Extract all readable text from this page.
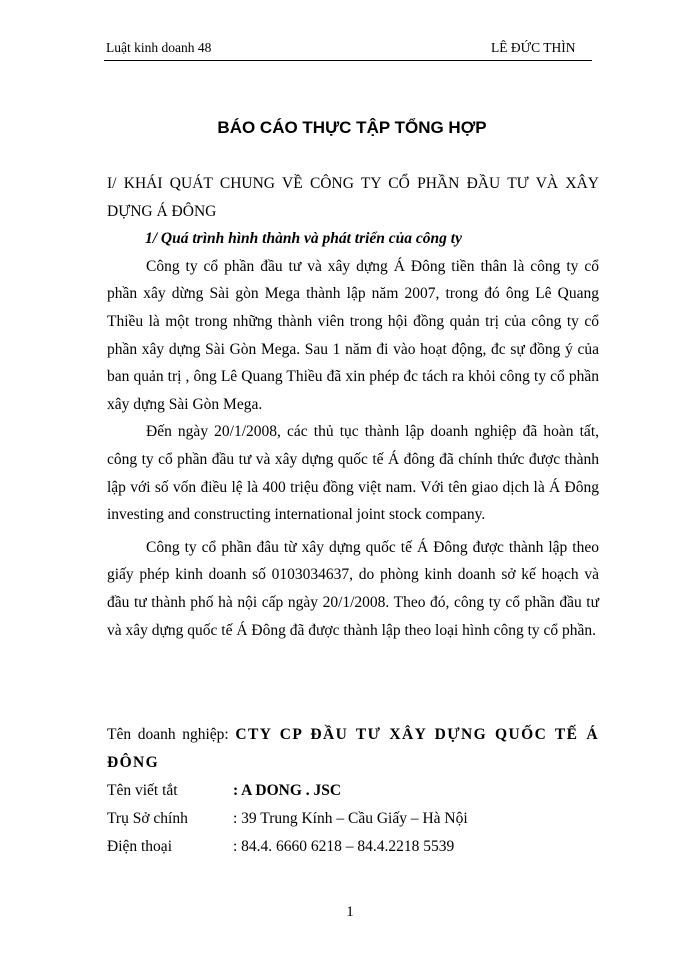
Luật kinh doanh 48	LÊ ĐỨC THÌN
BÁO CÁO THỰC TẬP TỔNG HỢP

I/ KHÁI QUÁT CHUNG VỀ CÔNG TY CỔ PHẦN ĐẦU TƯ VÀ XÂY DỰNG Á ĐÔNG

1/ Quá trình hình thành và phát triển của công ty

Công ty cổ phần đầu tư và xây dựng Á Đông tiền thân là công ty cổ phần xây dừng Sài gòn Mega thành lập năm 2007, trong đó ông Lê Quang Thiều là một trong những thành viên trong hội đồng quản trị của công ty cổ phần xây dựng Sài Gòn Mega. Sau 1 năm đi vào hoạt động, đc sự đồng ý của ban quản trị , ông Lê Quang Thiều đã xin phép đc tách ra khỏi công ty cổ phần xây dựng Sài Gòn Mega.

Đến ngày 20/1/2008, các thủ tục thành lập doanh nghiệp đã hoàn tất, công ty cổ phần đầu tư và xây dựng quốc tế Á đông đã chính thức được thành lập với số vốn điều lệ là 400 triệu đồng việt nam. Với tên giao dịch là Á Đông investing and constructing international joint stock company.

Công ty cổ phần đâu từ xây dựng quốc tế Á Đông được thành lập theo giấy phép kinh doanh số 0103034637, do phòng kinh doanh sở kế hoạch và đầu tư thành phố hà nội cấp ngày 20/1/2008. Theo đó, công ty cổ phần đầu tư và xây dựng quốc tế Á Đông đã được thành lập theo loại hình công ty cổ phần.

Tên doanh nghiệp: CTY CP ĐẦU TƯ XÂY DỰNG QUỐC TẾ Á ĐÔNG

Tên viết tắt	: A DONG . JSC
Trụ Sở chính	: 39 Trung Kính – Cầu Giấy – Hà Nội
Điện thoại	: 84.4. 6660 6218 – 84.4.2218 5539
1
